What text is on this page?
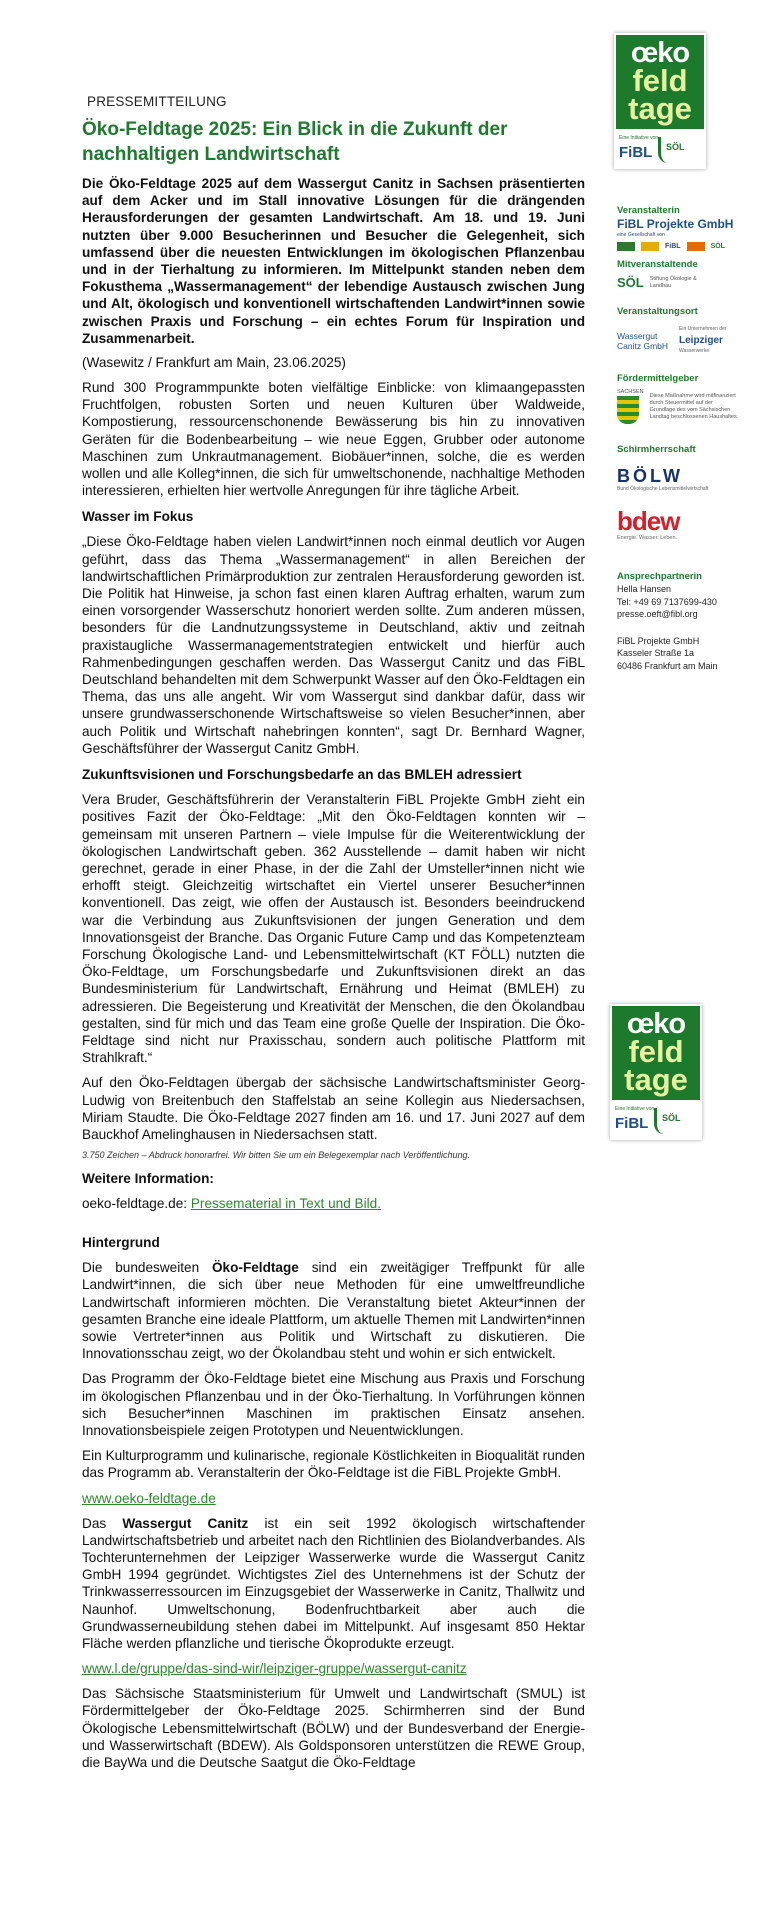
œko
feld
tage
Eine Initiative von
FiBL SÖL
PRESSEMITTEILUNG
Öko-Feldtage 2025: Ein Blick in die Zukunft der nachhaltigen Landwirtschaft
Die Öko-Feldtage 2025 auf dem Wassergut Canitz in Sachsen präsentierten auf dem Acker und im Stall innovative Lösungen für die drängenden Herausforderungen der gesamten Landwirtschaft. Am 18. und 19. Juni nutzten über 9.000 Besucherinnen und Besucher die Gelegenheit, sich umfassend über die neuesten Entwicklungen im ökologischen Pflanzenbau und in der Tierhaltung zu informieren. Im Mittelpunkt standen neben dem Fokusthema „Wassermanagement“ der lebendige Austausch zwischen Jung und Alt, ökologisch und konventionell wirtschaftenden Landwirt*innen sowie zwischen Praxis und Forschung – ein echtes Forum für Inspiration und Zusammenarbeit.
(Wasewitz / Frankfurt am Main, 23.06.2025)
Rund 300 Programmpunkte boten vielfältige Einblicke: von klimaangepassten Fruchtfolgen, robusten Sorten und neuen Kulturen über Waldweide, Kompostierung, ressourcenschonende Bewässerung bis hin zu innovativen Geräten für die Bodenbearbeitung – wie neue Eggen, Grubber oder autonome Maschinen zum Unkrautmanagement. Biobäuer*innen, solche, die es werden wollen und alle Kolleg*innen, die sich für umweltschonende, nachhaltige Methoden interessieren, erhielten hier wertvolle Anregungen für ihre tägliche Arbeit.
Wasser im Fokus
„Diese Öko-Feldtage haben vielen Landwirt*innen noch einmal deutlich vor Augen geführt, dass das Thema „Wassermanagement“ in allen Bereichen der landwirtschaftlichen Primärproduktion zur zentralen Herausforderung geworden ist. Die Politik hat Hinweise, ja schon fast einen klaren Auftrag erhalten, warum zum einen vorsorgender Wasserschutz honoriert werden sollte. Zum anderen müssen, besonders für die Landnutzungssysteme in Deutschland, aktiv und zeitnah praxistaugliche Wassermanagementstrategien entwickelt und hierfür auch Rahmenbedingungen geschaffen werden. Das Wassergut Canitz und das FiBL Deutschland behandelten mit dem Schwerpunkt Wasser auf den Öko-Feldtagen ein Thema, das uns alle angeht. Wir vom Wassergut sind dankbar dafür, dass wir unsere grundwasserschonende Wirtschaftsweise so vielen Besucher*innen, aber auch Politik und Wirtschaft nahebringen konnten“, sagt Dr. Bernhard Wagner, Geschäftsführer der Wassergut Canitz GmbH.
Zukunftsvisionen und Forschungsbedarfe an das BMLEH adressiert
Vera Bruder, Geschäftsführerin der Veranstalterin FiBL Projekte GmbH zieht ein positives Fazit der Öko-Feldtage: „Mit den Öko-Feldtagen konnten wir – gemeinsam mit unseren Partnern – viele Impulse für die Weiterentwicklung der ökologischen Landwirtschaft geben. 362 Ausstellende – damit haben wir nicht gerechnet, gerade in einer Phase, in der die Zahl der Umsteller*innen nicht wie erhofft steigt. Gleichzeitig wirtschaftet ein Viertel unserer Besucher*innen konventionell. Das zeigt, wie offen der Austausch ist. Besonders beeindruckend war die Verbindung aus Zukunftsvisionen der jungen Generation und dem Innovationsgeist der Branche. Das Organic Future Camp und das Kompetenzteam Forschung Ökologische Land- und Lebensmittelwirtschaft (KT FÖLL) nutzten die Öko-Feldtage, um Forschungsbedarfe und Zukunftsvisionen direkt an das Bundesministerium für Landwirtschaft, Ernährung und Heimat (BMLEH) zu adressieren. Die Begeisterung und Kreativität der Menschen, die den Ökolandbau gestalten, sind für mich und das Team eine große Quelle der Inspiration. Die Öko-Feldtage sind nicht nur Praxisschau, sondern auch politische Plattform mit Strahlkraft.“
Auf den Öko-Feldtagen übergab der sächsische Landwirtschaftsminister Georg-Ludwig von Breitenbuch den Staffelstab an seine Kollegin aus Niedersachsen, Miriam Staudte. Die Öko-Feldtage 2027 finden am 16. und 17. Juni 2027 auf dem Bauckhof Amelinghausen in Niedersachsen statt.
3.750 Zeichen – Abdruck honorarfrei. Wir bitten Sie um ein Belegexemplar nach Veröffentlichung.
Weitere Information:
oeko-feldtage.de: Pressematerial in Text und Bild.
Hintergrund
Die bundesweiten Öko-Feldtage sind ein zweitägiger Treffpunkt für alle Landwirt*innen, die sich über neue Methoden für eine umweltfreundliche Landwirtschaft informieren möchten. Die Veranstaltung bietet Akteur*innen der gesamten Branche eine ideale Plattform, um aktuelle Themen mit Landwirten*innen sowie Vertreter*innen aus Politik und Wirtschaft zu diskutieren. Die Innovationsschau zeigt, wo der Ökolandbau steht und wohin er sich entwickelt.
Das Programm der Öko-Feldtage bietet eine Mischung aus Praxis und Forschung im ökologischen Pflanzenbau und in der Öko-Tierhaltung. In Vorführungen können sich Besucher*innen Maschinen im praktischen Einsatz ansehen. Innovationsbeispiele zeigen Prototypen und Neuentwicklungen.
Ein Kulturprogramm und kulinarische, regionale Köstlichkeiten in Bioqualität runden das Programm ab. Veranstalterin der Öko-Feldtage ist die FiBL Projekte GmbH.
www.oeko-feldtage.de
Das Wassergut Canitz ist ein seit 1992 ökologisch wirtschaftender Landwirtschaftsbetrieb und arbeitet nach den Richtlinien des Biolandverbandes. Als Tochterunternehmen der Leipziger Wasserwerke wurde die Wassergut Canitz GmbH 1994 gegründet. Wichtigstes Ziel des Unternehmens ist der Schutz der Trinkwasserressourcen im Einzugsgebiet der Wasserwerke in Canitz, Thallwitz und Naunhof. Umweltschonung, Bodenfruchtbarkeit aber auch die Grundwasserneubildung stehen dabei im Mittelpunkt. Auf insgesamt 850 Hektar Fläche werden pflanzliche und tierische Ökoprodukte erzeugt.
www.l.de/gruppe/das-sind-wir/leipziger-gruppe/wassergut-canitz
Das Sächsische Staatsministerium für Umwelt und Landwirtschaft (SMUL) ist Fördermittelgeber der Öko-Feldtage 2025. Schirmherren sind der Bund Ökologische Lebensmittelwirtschaft (BÖLW) und der Bundesverband der Energie- und Wasserwirtschaft (BDEW). Als Goldsponsoren unterstützen die REWE Group, die BayWa und die Deutsche Saatgut die Öko-Feldtage
Veranstalterin
FiBL Projekte GmbH
eine Gesellschaft von
FiBL	SÖL
Mitveranstaltende
SÖL Stiftung Ökologie & Landbau
Veranstaltungsort
Wassergut Canitz GmbH
Ein Unternehmen der
Leipziger
Wasserwerke
Fördermittelgeber
SACHSEN
Diese Maßnahme wird mitfinanziert durch Steuermittel auf der Grundlage des vom Sächsischen Landtag beschlossenen Haushaltes.
Schirmherrschaft
BÖLW
Bund Ökologische Lebensmittelwirtschaft
bdew
Energie. Wasser. Leben.
Ansprechpartnerin
Hella Hansen
Tel: +49 69 7137699-430
presse.oeft@fibl.org
FiBL Projekte GmbH
Kasseler Straße 1a
60486 Frankfurt am Main
œko
feld
tage
Eine Initiative von
FiBL SÖL
